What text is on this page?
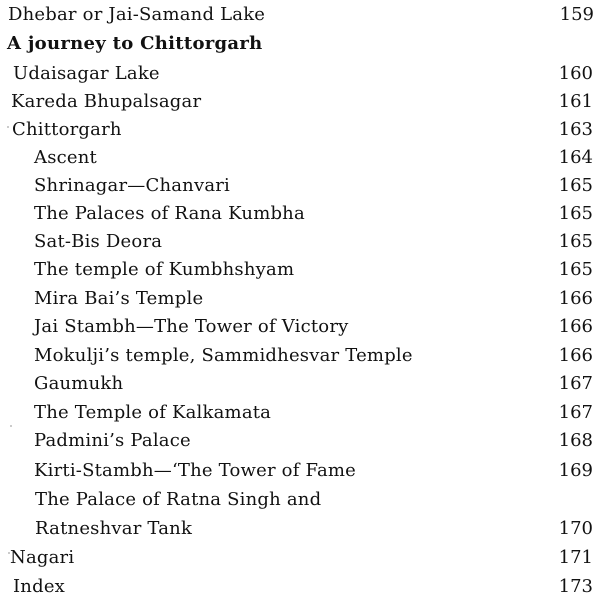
Dhebar or Jai-Samand Lake	159
A journey to Chittorgarh
Udaisagar Lake	160
Kareda Bhupalsagar	161
Chittorgarh	163
Ascent	164
Shrinagar—Chanvari	165
The Palaces of Rana Kumbha	165
Sat-Bis Deora	165
The temple of Kumbhshyam	165
Mira Bai’s Temple	166
Jai Stambh—The Tower of Victory	166
Mokulji’s temple, Sammidhesvar Temple	166
Gaumukh	167
The Temple of Kalkamata	167
Padmini’s Palace	168
Kirti-Stambh—‘The Tower of Fame	169
The Palace of Ratna Singh and
Ratneshvar Tank	170
Nagari	171
Index	173
